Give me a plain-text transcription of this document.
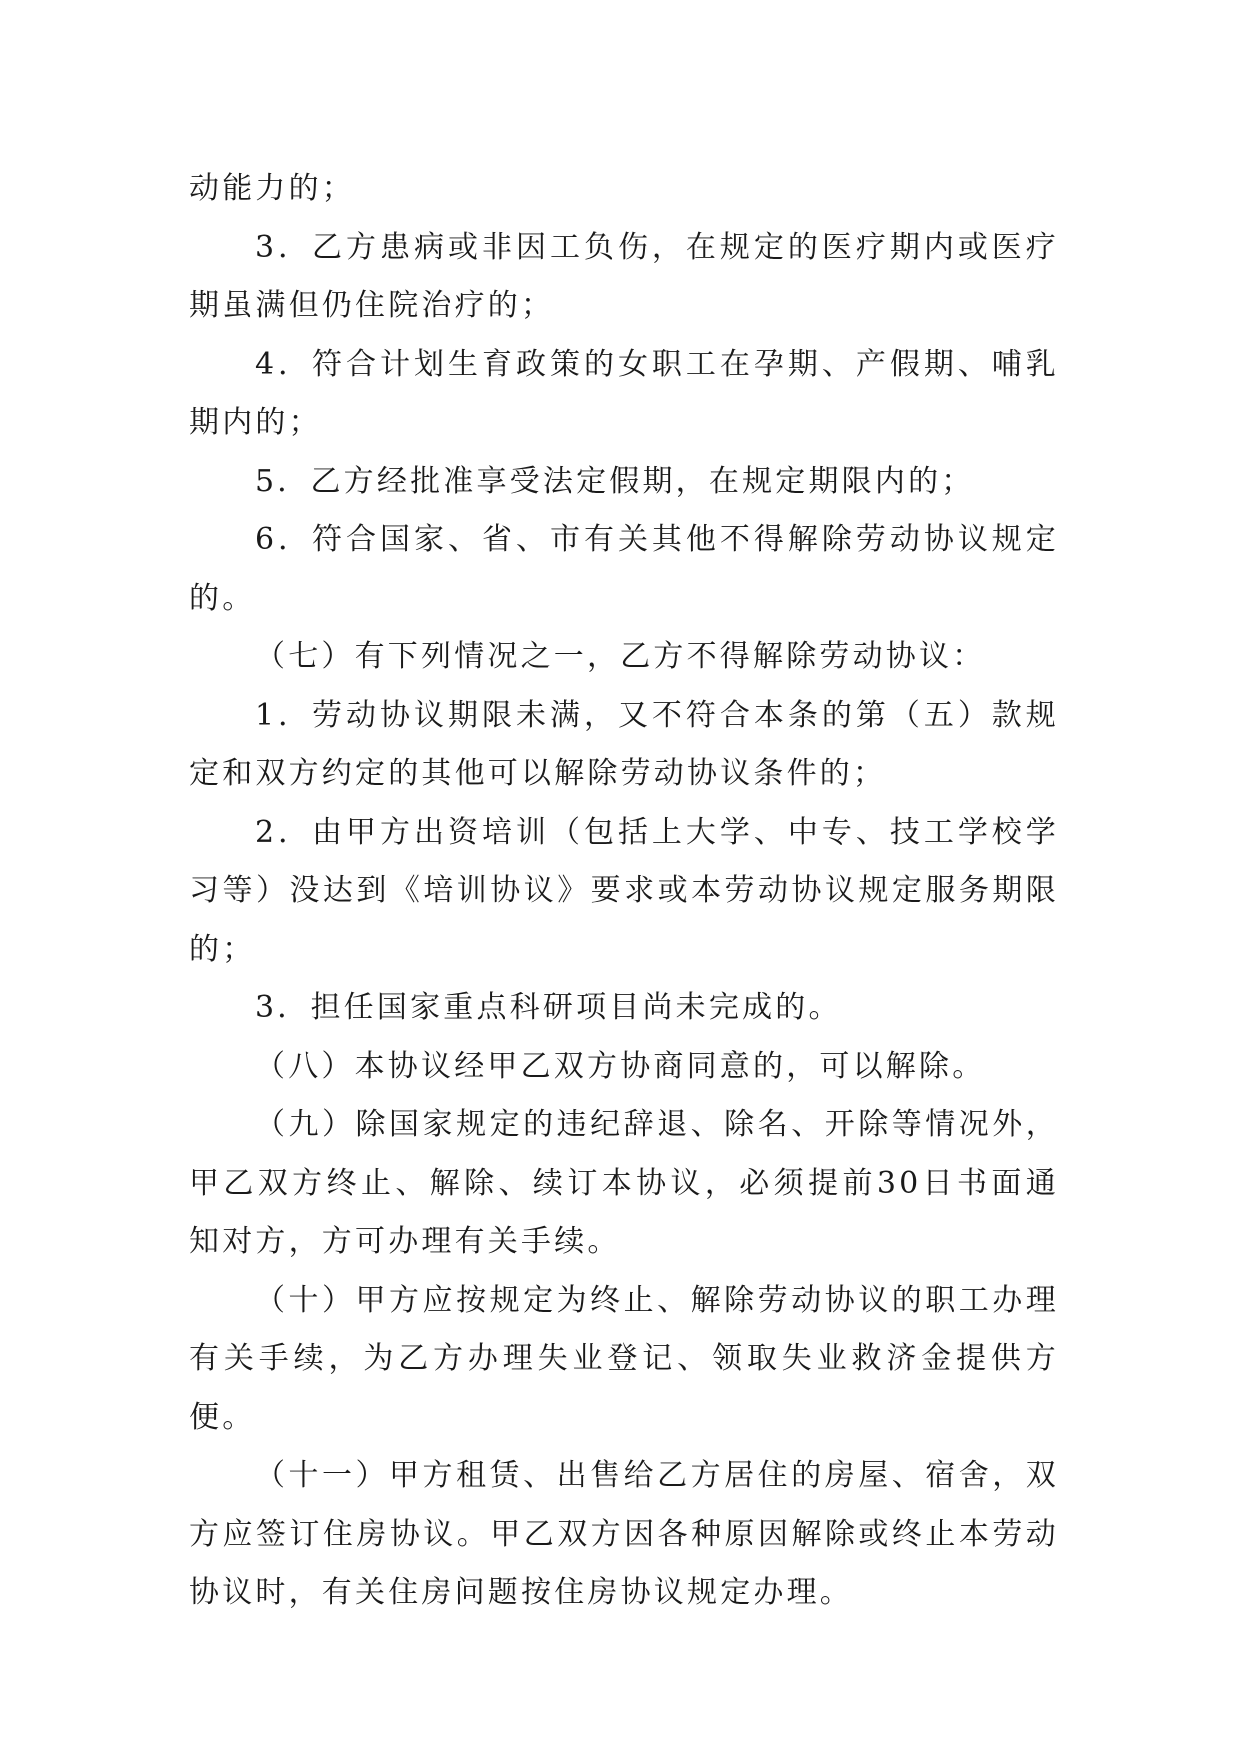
动能力的；

3．乙方患病或非因工负伤，在规定的医疗期内或医疗期虽满但仍住院治疗的；

4．符合计划生育政策的女职工在孕期、产假期、哺乳期内的；

5．乙方经批准享受法定假期，在规定期限内的；

6．符合国家、省、市有关其他不得解除劳动协议规定的。

（七）有下列情况之一，乙方不得解除劳动协议：

1．劳动协议期限未满，又不符合本条的第（五）款规定和双方约定的其他可以解除劳动协议条件的；

2．由甲方出资培训（包括上大学、中专、技工学校学习等）没达到《培训协议》要求或本劳动协议规定服务期限的；

3．担任国家重点科研项目尚未完成的。

（八）本协议经甲乙双方协商同意的，可以解除。

（九）除国家规定的违纪辞退、除名、开除等情况外，甲乙双方终止、解除、续订本协议，必须提前30日书面通知对方，方可办理有关手续。

（十）甲方应按规定为终止、解除劳动协议的职工办理有关手续，为乙方办理失业登记、领取失业救济金提供方便。

（十一）甲方租赁、出售给乙方居住的房屋、宿舍，双方应签订住房协议。甲乙双方因各种原因解除或终止本劳动协议时，有关住房问题按住房协议规定办理。
